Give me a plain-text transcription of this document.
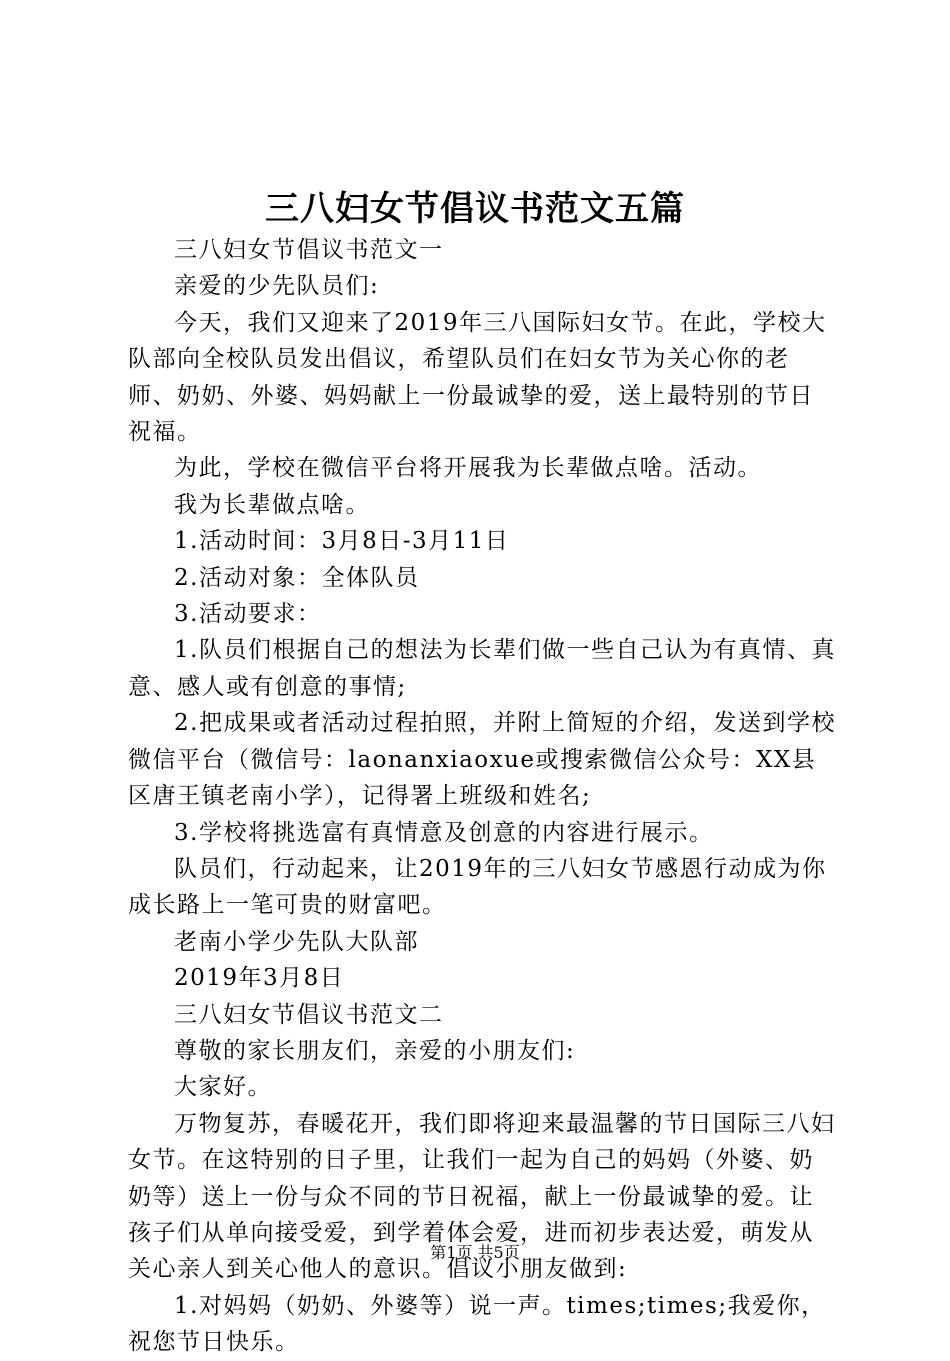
三八妇女节倡议书范文五篇

三八妇女节倡议书范文一

亲爱的少先队员们:

今天，我们又迎来了2019年三八国际妇女节。在此，学校大队部向全校队员发出倡议，希望队员们在妇女节为关心你的老师、奶奶、外婆、妈妈献上一份最诚挚的爱，送上最特别的节日祝福。

为此，学校在微信平台将开展我为长辈做点啥。活动。

我为长辈做点啥。

1.活动时间：3月8日-3月11日

2.活动对象：全体队员

3.活动要求：

1.队员们根据自己的想法为长辈们做一些自己认为有真情、真意、感人或有创意的事情;

2.把成果或者活动过程拍照，并附上简短的介绍，发送到学校微信平台（微信号：laonanxiaoxue或搜索微信公众号：XX县区唐王镇老南小学），记得署上班级和姓名;

3.学校将挑选富有真情意及创意的内容进行展示。

队员们，行动起来，让2019年的三八妇女节感恩行动成为你成长路上一笔可贵的财富吧。

老南小学少先队大队部

2019年3月8日

三八妇女节倡议书范文二

尊敬的家长朋友们，亲爱的小朋友们:

大家好。

万物复苏，春暖花开，我们即将迎来最温馨的节日国际三八妇女节。在这特别的日子里，让我们一起为自己的妈妈（外婆、奶奶等）送上一份与众不同的节日祝福，献上一份最诚挚的爱。让孩子们从单向接受爱，到学着体会爱，进而初步表达爱，萌发从关心亲人到关心他人的意识。倡议小朋友做到:

1.对妈妈（奶奶、外婆等）说一声。times;times;我爱你，祝您节日快乐。

第1页 共5页
